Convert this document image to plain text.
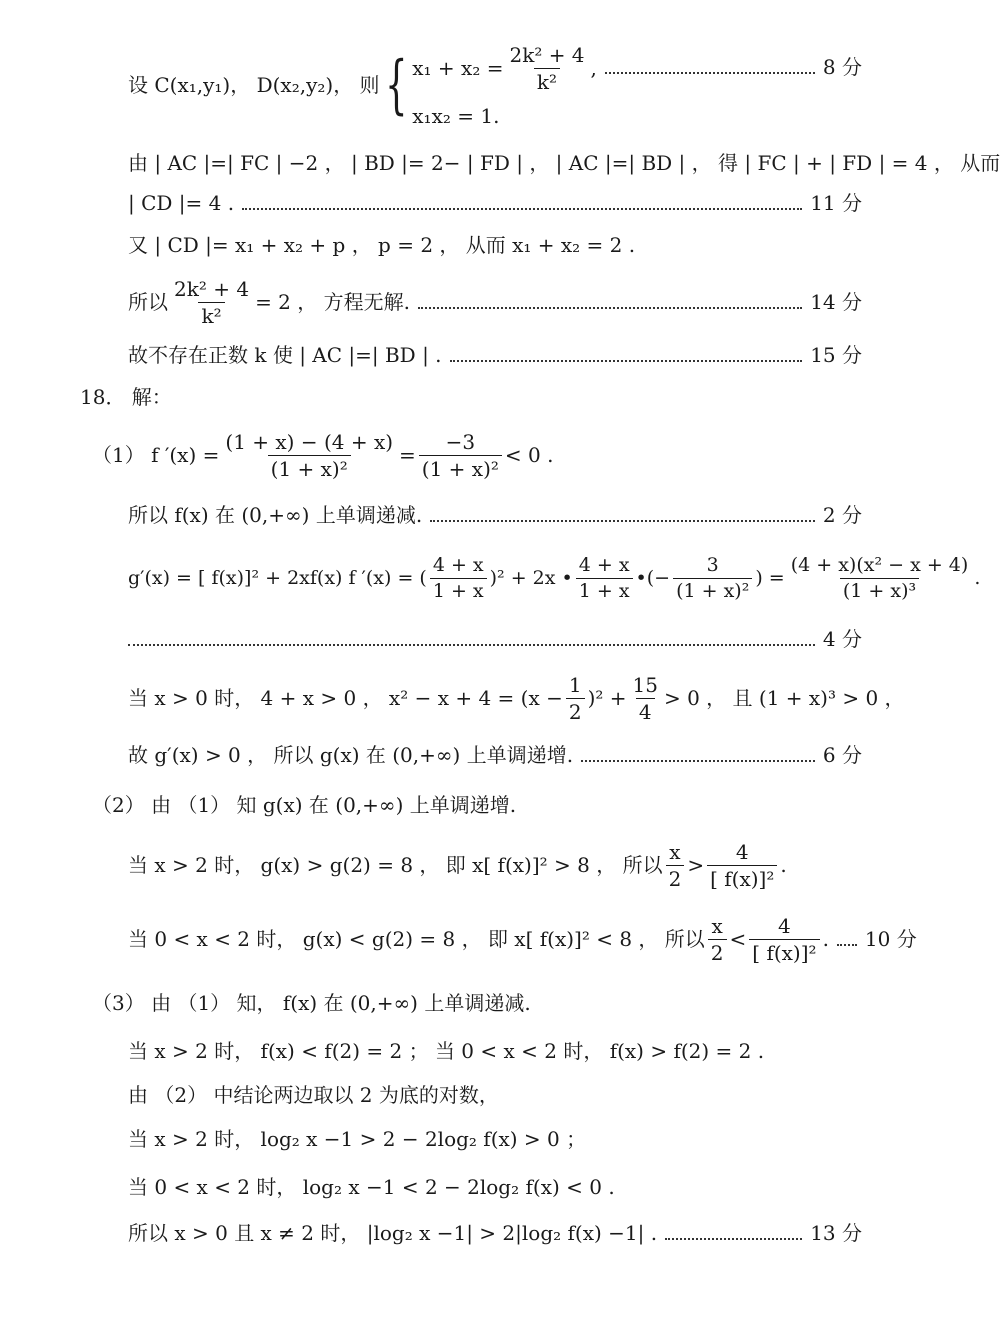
设 C(x₁,y₁)， D(x₂,y₂)， 则 { $x_1 + x_2 = \frac{\text{2k² + 4}}{\text{k²}}$ ,
x₁x₂ = 1.
8 分
由 | AC |=| FC | −2 ， | BD |= 2− | FD | ， | AC |=| BD | ， 得 | FC | + | FD | = 4 ， 从而
| CD |= 4 .	11 分
又 | CD |= x₁ + x₂ + p ， p = 2 ， 从而 x₁ + x₂ = 2 .
所以 $\frac{\text{2k² + 4}}{\text{k²}} = 2$ ， 方程无解.	14 分
故不存在正数 k 使 | AC |=| BD | .	15 分
18． 解：
（1） f $'(x) = \frac{(1 + x) - (4 + x)}{\text{(1 + x)²}} = \frac{-3}{\text{(1 + x)²}} < 0$ .
所以 f(x) 在 (0,+∞) 上单调递减.	2 分
g′(x) = [ f(x)]² + 2xf(x) f ′(x) = ( $\frac{4 + x}{1 + x} )^2 + 2x$ • $\frac{4 + x}{1 + x}$ •(− $\frac{3}{\text{(1 + x)²}}$ ) = $\frac{\text{(4 + x)(x² − x + 4)}}{\text{(1 + x)³}}$ .
4 分
当 x > 0 时， 4 + x > 0 ， $x^2 - x + 4 = (x - \frac{1}{2} )^2 + \frac{15}{4} > 0$ ， 且 (1 + x)³ > 0 ，
故 g′(x) > 0 ， 所以 g(x) 在 (0,+∞) 上单调递增.	6 分
（2） 由 （1） 知 g(x) 在 (0,+∞) 上单调递增.
当 x > 2 时， g(x) > g(2) = 8 ， 即 x[ f(x)]² > 8 ， 所以 $\frac{x}{2} > \frac{4}{\text{[ f(x)]²}}$ .
当 0 < x < 2 时， g(x) < g(2) = 8 ， 即 x[ f(x)]² < 8 ， 所以 $\frac{x}{2} < \frac{4}{\text{[ f(x)]²}}$ . 10 分
（3） 由 （1） 知， f(x) 在 (0,+∞) 上单调递减.
当 x > 2 时， f(x) < f(2) = 2 ； 当 0 < x < 2 时， f(x) > f(2) = 2 .
由 （2） 中结论两边取以 2 为底的对数，
当 x > 2 时， log₂ x −1 > 2 − 2log₂ f(x) > 0 ；
当 0 < x < 2 时， log₂ x −1 < 2 − 2log₂ f(x) < 0 .
所以 x > 0 且 x ≠ 2 时， |log₂ x −1| > 2|log₂ f(x) −1| .	13 分
